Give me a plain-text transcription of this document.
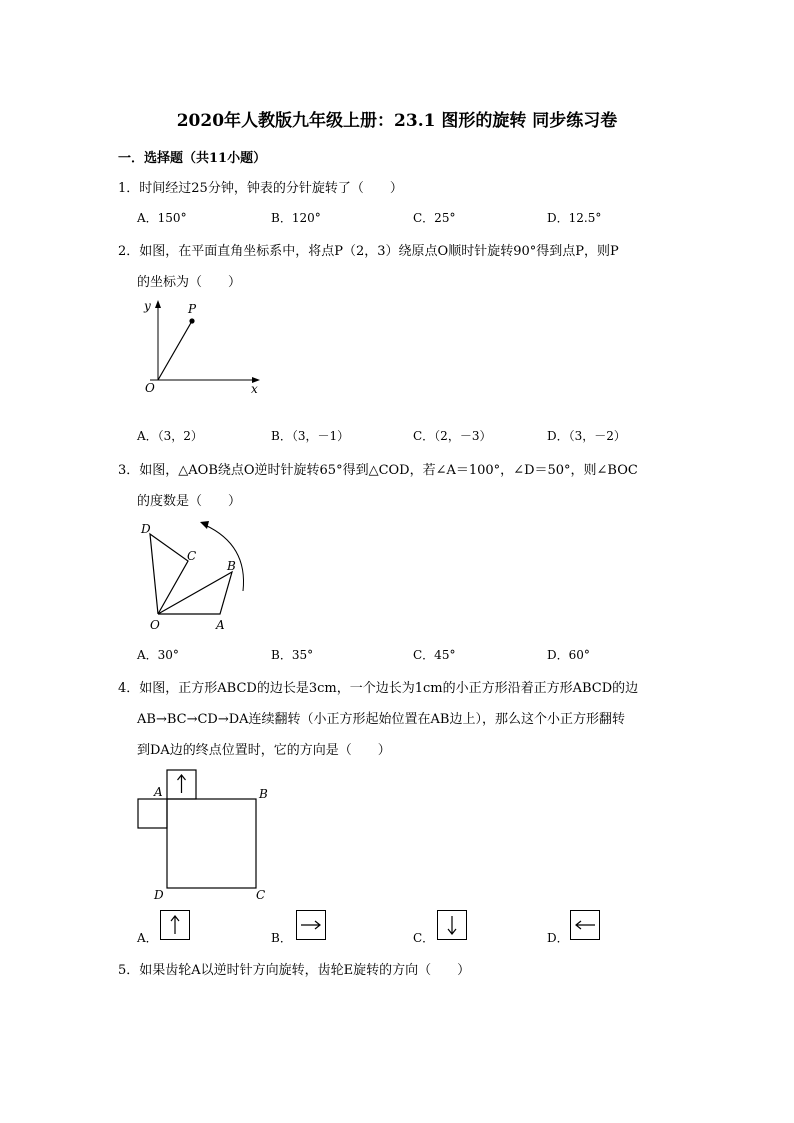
2020年人教版九年级上册：23.1 图形的旋转 同步练习卷
一．选择题（共11小题）
1．时间经过25分钟，钟表的分针旋转了（　　）
A．150°	B．120°	C．25°	D．12.5°
2．如图，在平面直角坐标系中，将点P（2，3）绕原点O顺时针旋转90°得到点P，则P
的坐标为（　　）
y	P
O	x
A．（3，2）	B．（3，－1）	C．（2，－3）	D．（3，－2）
3．如图，△AOB绕点O逆时针旋转65°得到△COD，若∠A＝100°，∠D＝50°，则∠BOC
的度数是（　　）
D
C
B
O	A
A．30°	B．35°	C．45°	D．60°
4．如图，正方形ABCD的边长是3cm，一个边长为1cm的小正方形沿着正方形ABCD的边
AB→BC→CD→DA连续翻转（小正方形起始位置在AB边上），那么这个小正方形翻转
到DA边的终点位置时，它的方向是（　　）
A	B
D	C
A．	B．	C．	D．
5．如果齿轮A以逆时针方向旋转，齿轮E旋转的方向（　　）
